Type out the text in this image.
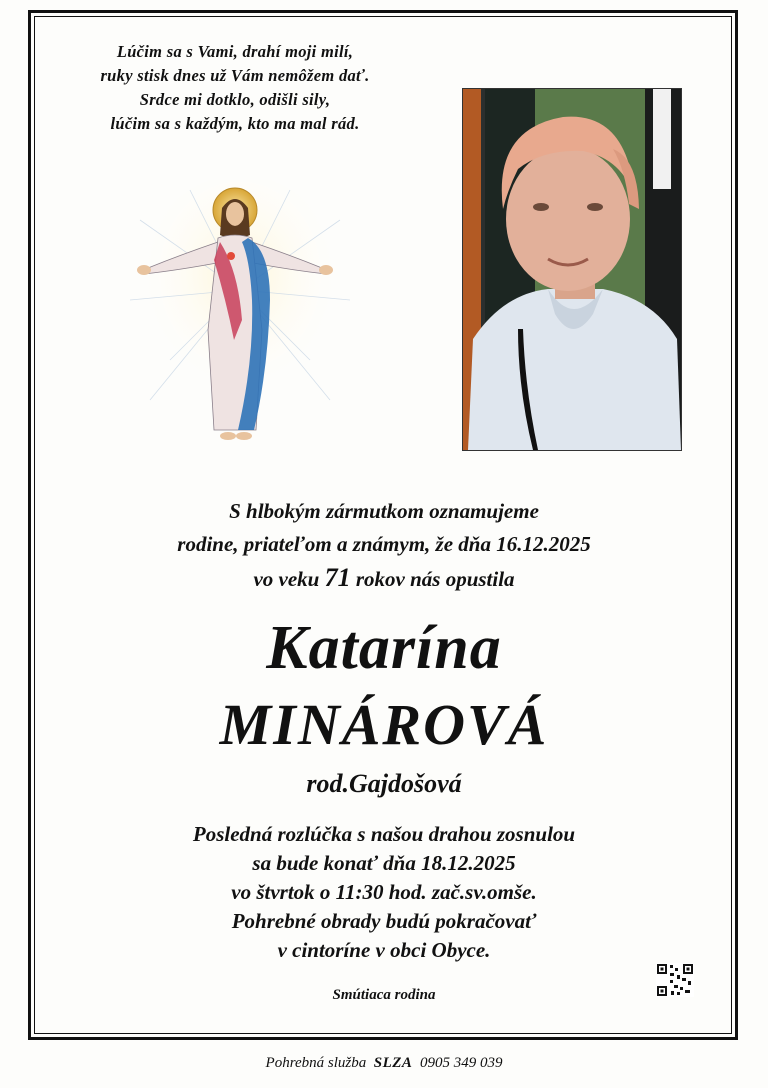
Lúčim sa s Vami, drahí moji milí,
ruky stisk dnes už Vám nemôžem dať.
Srdce mi dotklo, odišli sily,
lúčim sa s každým, kto ma mal rád.
S hlbokým zármutkom oznamujeme
rodine, priateľom a známym, že dňa 16.12.2025
vo veku 71 rokov nás opustila
Katarína
MINÁROVÁ
rod.Gajdošová
Posledná rozlúčka s našou drahou zosnulou
sa bude konať dňa 18.12.2025
vo štvrtok o 11:30 hod. zač.sv.omše.
Pohrebné obrady budú pokračovať
v cintoríne v obci Obyce.
Smútiaca rodina
Pohrebná služba SLZA 0905 349 039
